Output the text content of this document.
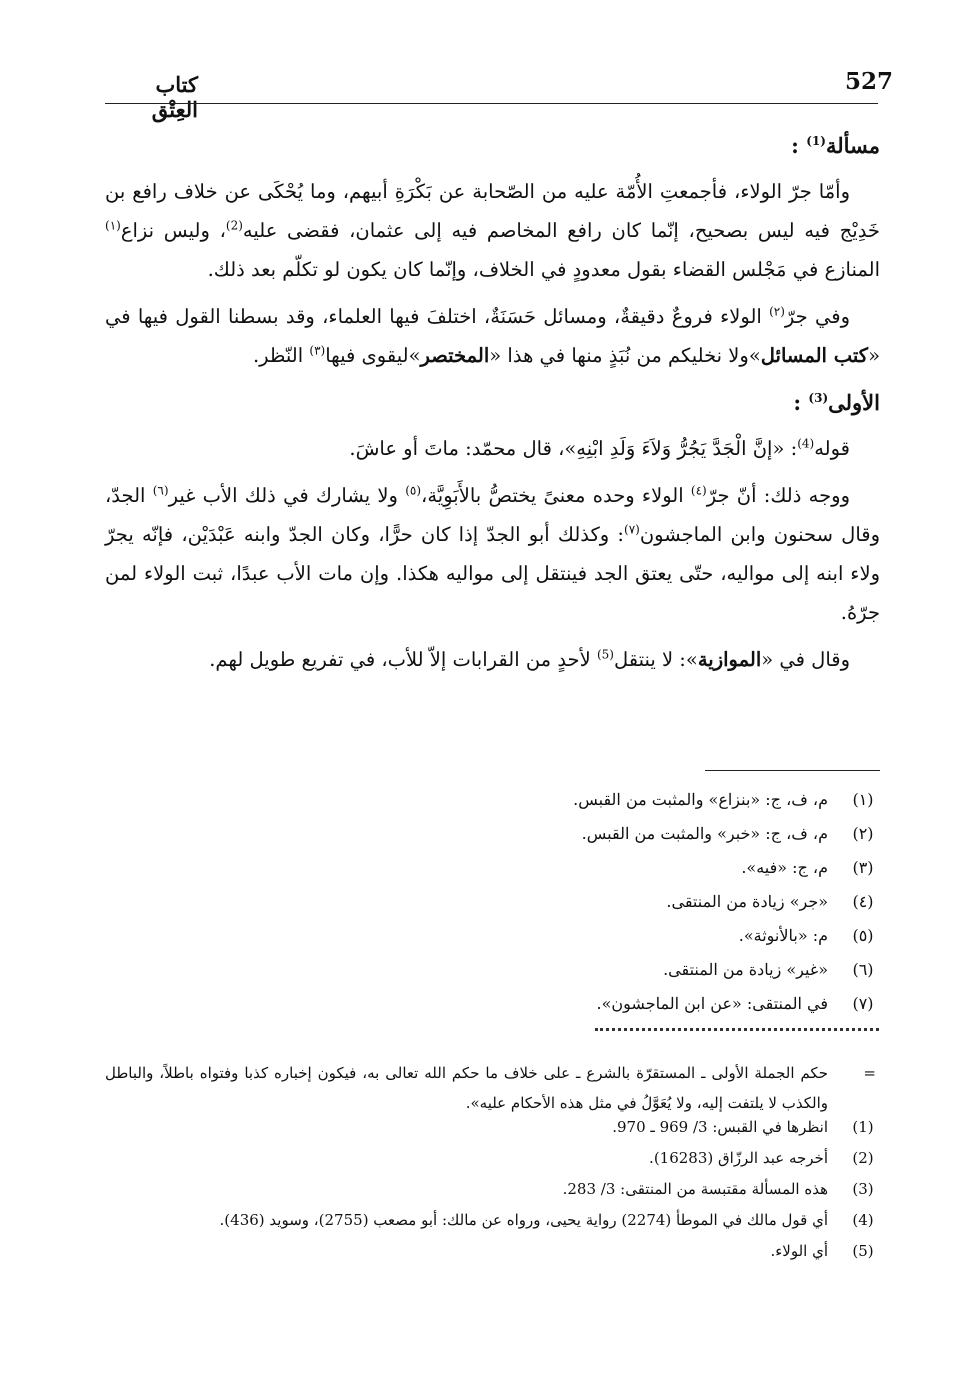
527
كتاب العِتْق
مسألة$^{(1)}$ :

وأمّا جرّ الولاء، فأجمعتِ الأُمّة عليه من الصّحابة عن بَكْرَةِ أبيهم، وما يُحْكَى عن خلاف رافع بن خَدِيْج فيه ليس بصحيح، إنّما كان رافع المخاصم فيه إلى عثمان، فقضى عليه$^{(2)}$، وليس نزاع$^{(١)}$ المنازع في مَجْلس القضاء بقول معدودٍ في الخلاف، وإنّما كان يكون لو تكلّم بعد ذلك.

وفي جرّ$^{(٢)}$ الولاء فروعٌ دقيقةٌ، ومسائل حَسَنَةٌ، اختلفَ فيها العلماء، وقد بسطنا القول فيها في «كتب المسائل»ولا نخليكم من نُبَذٍ منها في هذا «المختصر»ليقوى فيها$^{(٣)}$ النّظر.

الأولى$^{(3)}$ :

قوله$^{(4)}$: «إنَّ الْجَدَّ يَجُرُّ وَلاَءَ وَلَدِ ابْنِهِ»، قال محمّد: ماتَ أو عاشَ.

ووجه ذلك: أنّ جرّ$^{(٤)}$ الولاء وحده معنىً يختصُّ بالأَبَوِيَّة،$^{(٥)}$ ولا يشارك في ذلك الأب غير$^{(٦)}$ الجدّ، وقال سحنون وابن الماجشون$^{(٧)}$: وكذلك أبو الجدّ إذا كان حرًّا، وكان الجدّ وابنه عَبْدَيْن، فإنّه يجرّ ولاء ابنه إلى مواليه، حتّى يعتق الجد فينتقل إلى مواليه هكذا. وإن مات الأب عبدًا، ثبت الولاء لمن جرّهُ.

وقال في «الموازية»: لا ينتقل$^{(5)}$ لأحدٍ من القرابات إلاّ للأب، في تفريع طويل لهم.

(١)
م، ف، ج: «بنزاع» والمثبت من القبس.
(٢)
م، ف، ج: «خبر» والمثبت من القبس.
(٣)
م، ج: «فيه».
(٤)
«جر» زيادة من المنتقى.
(٥)
م: «بالأنوثة».
(٦)
«غير» زيادة من المنتقى.
(٧)
في المنتقى: «عن ابن الماجشون».
=
حكم الجملة الأولى ـ المستقرّة بالشرع ـ على خلاف ما حكم الله تعالى به، فيكون إخباره كذبا وفتواه باطلاً، والباطل والكذب لا يلتفت إليه، ولا يُعَوَّلُ في مثل هذه الأحكام عليه».
(1)
انظرها في القبس: 3/ 969 ـ 970.
(2)
أخرجه عبد الرزّاق (16283).
(3)
هذه المسألة مقتبسة من المنتقى: 3/ 283.
(4)
أي قول مالك في الموطأ (2274) رواية يحيى، ورواه عن مالك: أبو مصعب (2755)، وسويد (436).
(5)
أي الولاء.
